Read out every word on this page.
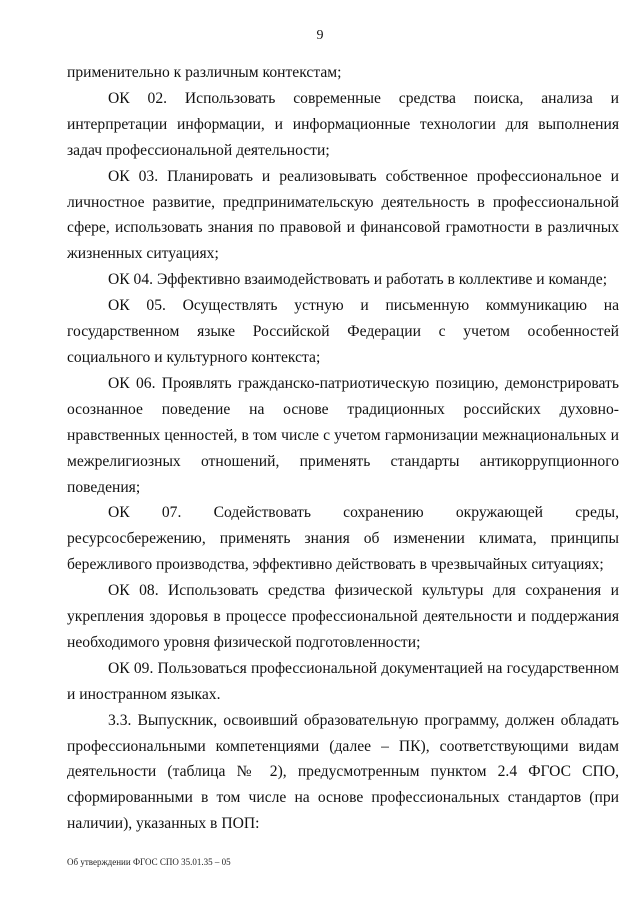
9

применительно к различным контекстам;

ОК 02. Использовать современные средства поиска, анализа и интерпретации информации, и информационные технологии для выполнения задач профессиональной деятельности;

ОК 03. Планировать и реализовывать собственное профессиональное и личностное развитие, предпринимательскую деятельность в профессиональной сфере, использовать знания по правовой и финансовой грамотности в различных жизненных ситуациях;

ОК 04. Эффективно взаимодействовать и работать в коллективе и команде;

ОК 05. Осуществлять устную и письменную коммуникацию на государственном языке Российской Федерации с учетом особенностей социального и культурного контекста;

ОК 06. Проявлять гражданско-патриотическую позицию, демонстрировать осознанное поведение на основе традиционных российских духовно-нравственных ценностей, в том числе с учетом гармонизации межнациональных и межрелигиозных отношений, применять стандарты антикоррупционного поведения;

ОК 07. Содействовать сохранению окружающей среды, ресурсосбережению, применять знания об изменении климата, принципы бережливого производства, эффективно действовать в чрезвычайных ситуациях;

ОК 08. Использовать средства физической культуры для сохранения и укрепления здоровья в процессе профессиональной деятельности и поддержания необходимого уровня физической подготовленности;

ОК 09. Пользоваться профессиональной документацией на государственном и иностранном языках.

3.3. Выпускник, освоивший образовательную программу, должен обладать профессиональными компетенциями (далее – ПК), соответствующими видам деятельности (таблица № 2), предусмотренным пунктом 2.4 ФГОС СПО, сформированными в том числе на основе профессиональных стандартов (при наличии), указанных в ПОП:

Об утверждении ФГОС СПО 35.01.35 – 05
